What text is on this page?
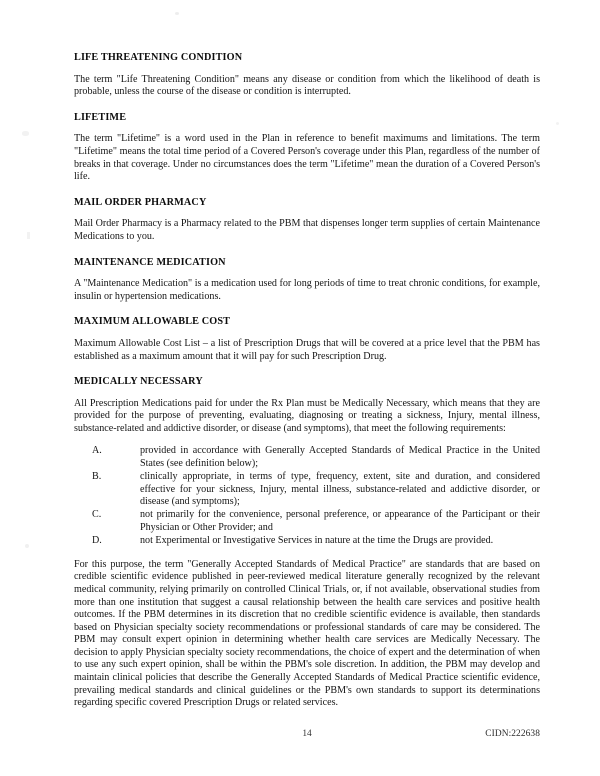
LIFE THREATENING CONDITION

The term "Life Threatening Condition" means any disease or condition from which the likelihood of death is probable, unless the course of the disease or condition is interrupted.

LIFETIME

The term "Lifetime" is a word used in the Plan in reference to benefit maximums and limitations. The term "Lifetime" means the total time period of a Covered Person's coverage under this Plan, regardless of the number of breaks in that coverage. Under no circumstances does the term "Lifetime" mean the duration of a Covered Person's life.

MAIL ORDER PHARMACY

Mail Order Pharmacy is a Pharmacy related to the PBM that dispenses longer term supplies of certain Maintenance Medications to you.

MAINTENANCE MEDICATION

A "Maintenance Medication" is a medication used for long periods of time to treat chronic conditions, for example, insulin or hypertension medications.

MAXIMUM ALLOWABLE COST

Maximum Allowable Cost List – a list of Prescription Drugs that will be covered at a price level that the PBM has established as a maximum amount that it will pay for such Prescription Drug.

MEDICALLY NECESSARY

All Prescription Medications paid for under the Rx Plan must be Medically Necessary, which means that they are provided for the purpose of preventing, evaluating, diagnosing or treating a sickness, Injury, mental illness, substance-related and addictive disorder, or disease (and symptoms), that meet the following requirements:

A.	provided in accordance with Generally Accepted Standards of Medical Practice in the United States (see definition below);
B.	clinically appropriate, in terms of type, frequency, extent, site and duration, and considered effective for your sickness, Injury, mental illness, substance-related and addictive disorder, or disease (and symptoms);
C.	not primarily for the convenience, personal preference, or appearance of the Participant or their Physician or Other Provider; and
D.	not Experimental or Investigative Services in nature at the time the Drugs are provided.

For this purpose, the term "Generally Accepted Standards of Medical Practice" are standards that are based on credible scientific evidence published in peer-reviewed medical literature generally recognized by the relevant medical community, relying primarily on controlled Clinical Trials, or, if not available, observational studies from more than one institution that suggest a causal relationship between the health care services and positive health outcomes. If the PBM determines in its discretion that no credible scientific evidence is available, then standards based on Physician specialty society recommendations or professional standards of care may be considered. The PBM may consult expert opinion in determining whether health care services are Medically Necessary. The decision to apply Physician specialty society recommendations, the choice of expert and the determination of when to use any such expert opinion, shall be within the PBM's sole discretion. In addition, the PBM may develop and maintain clinical policies that describe the Generally Accepted Standards of Medical Practice scientific evidence, prevailing medical standards and clinical guidelines or the PBM's own standards to support its determinations regarding specific covered Prescription Drugs or related services.

14	CIDN:222638
